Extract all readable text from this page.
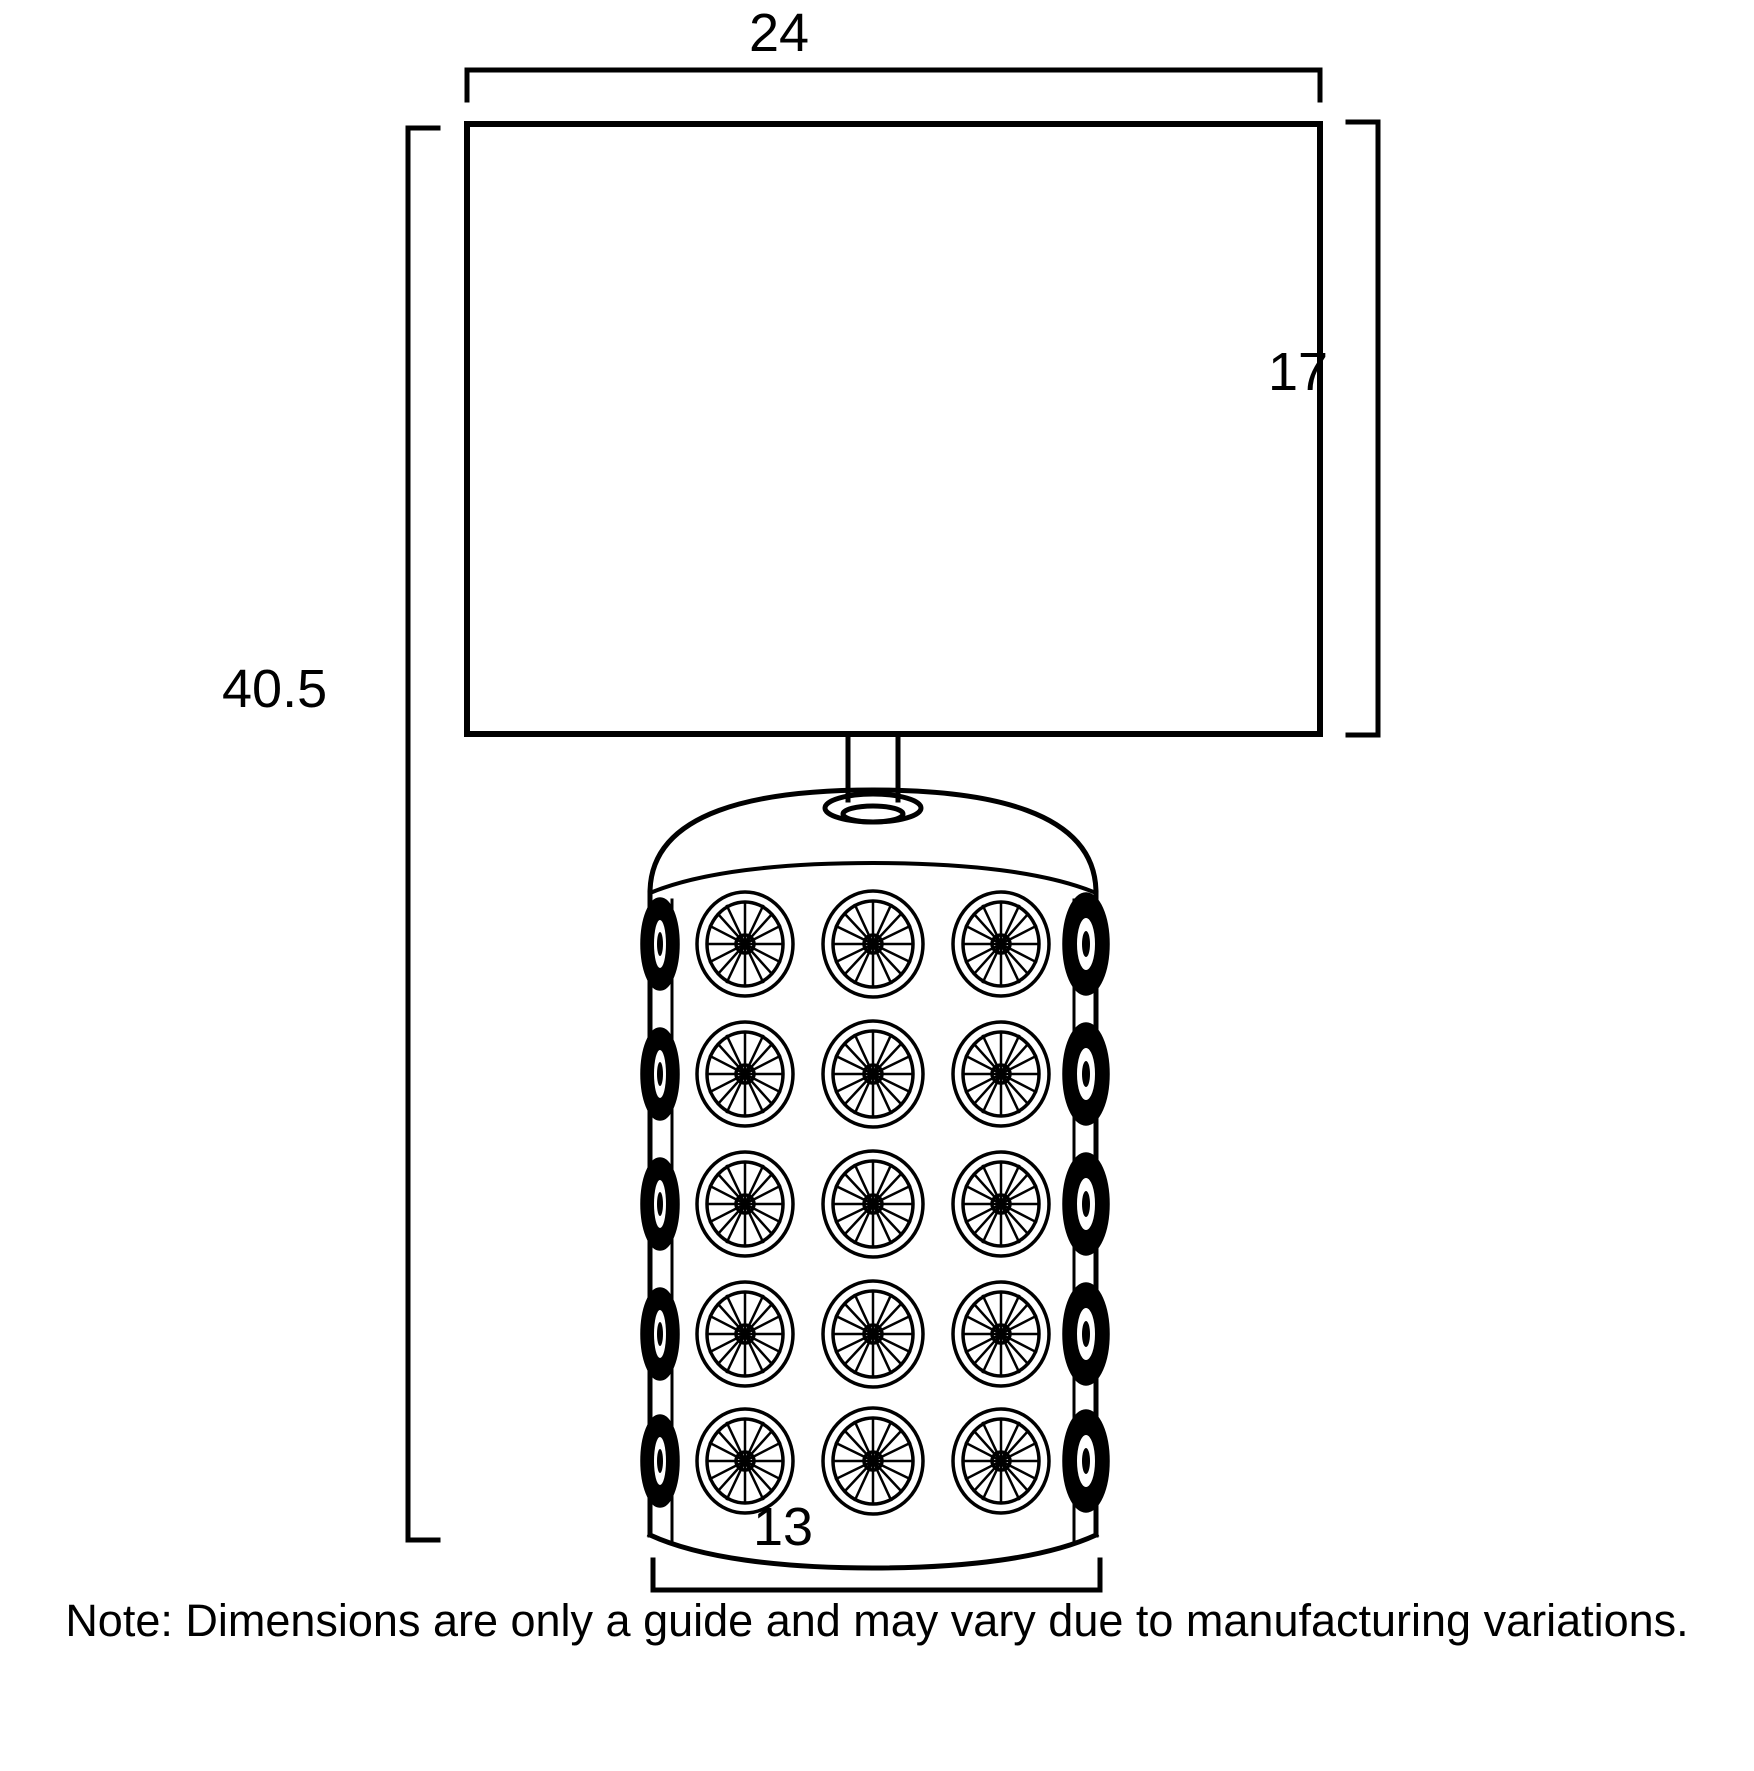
24
17
40.5
13
Note: Dimensions are only a guide and may vary due to manufacturing variations.
